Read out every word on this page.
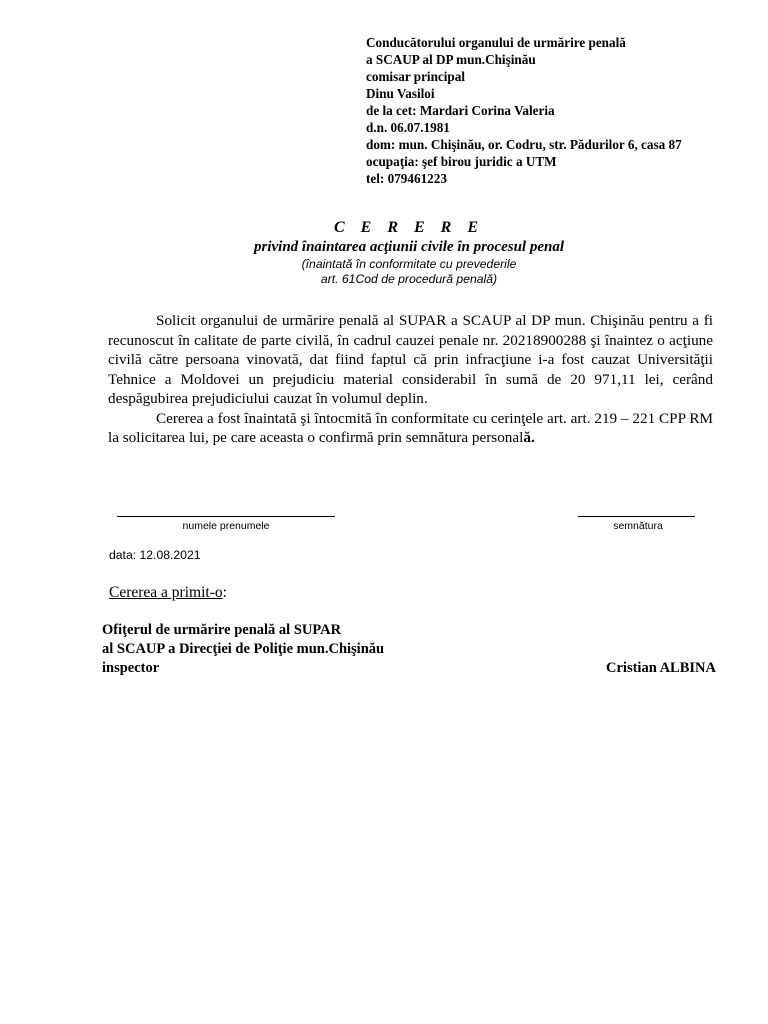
Conducătorului organului de urmărire penală
a SCAUP al DP mun.Chişinău
comisar principal
Dinu Vasiloi
de la cet: Mardari Corina Valeria
d.n. 06.07.1981
dom: mun. Chişinău, or. Codru, str. Pădurilor 6, casa 87
ocupaţia: şef birou juridic a UTM
tel: 079461223
C E R E R E
privind înaintarea acţiunii civile în procesul penal
(înaintată în conformitate cu prevederile
art. 61Cod de procedură penală)

Solicit organului de urmărire penală al SUPAR a SCAUP al DP mun. Chişinău pentru a fi recunoscut în calitate de parte civilă, în cadrul cauzei penale nr. 20218900288 şi înaintez o acţiune civilă către persoana vinovată, dat fiind faptul că prin infracţiune i-a fost cauzat Universităţii Tehnice a Moldovei un prejudiciu material considerabil în sumă de 20 971,11 lei, cerând despăgubirea prejudiciului cauzat în volumul deplin.

Cererea a fost înaintată şi întocmită în conformitate cu cerinţele art. art. 219 – 221 CPP RM la solicitarea lui, pe care aceasta o confirmă prin semnătura personală.

numele prenumele	semnătura
data: 12.08.2021
Cererea a primit-o:
Ofiţerul de urmărire penală al SUPAR
al SCAUP a Direcţiei de Poliţie mun.Chişinău
inspector	Cristian ALBINA
